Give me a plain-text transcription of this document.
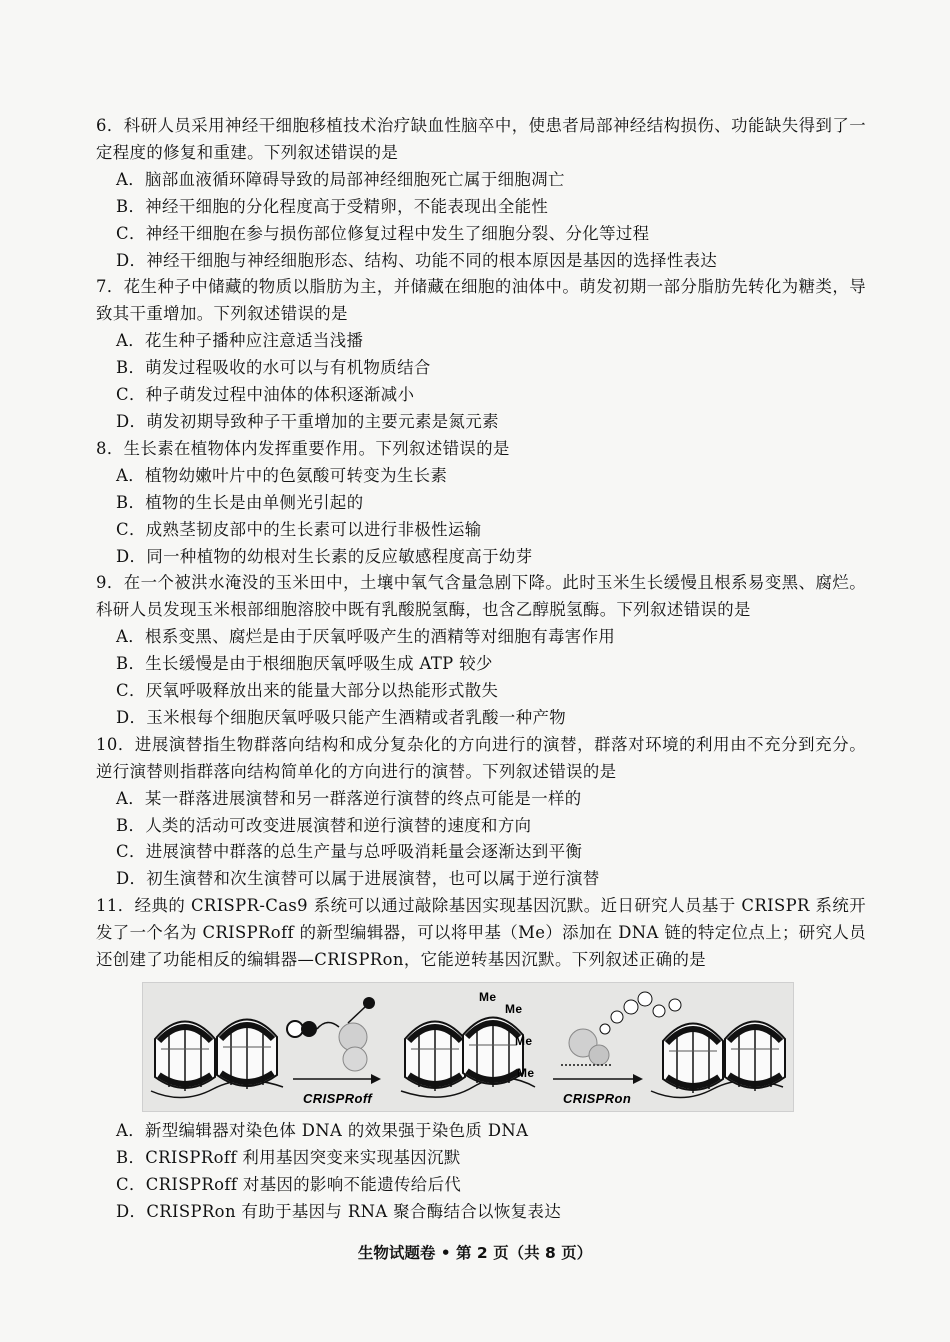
6．科研人员采用神经干细胞移植技术治疗缺血性脑卒中，使患者局部神经结构损伤、功能缺失得到了一定程度的修复和重建。下列叙述错误的是
A．脑部血液循环障碍导致的局部神经细胞死亡属于细胞凋亡
B．神经干细胞的分化程度高于受精卵，不能表现出全能性
C．神经干细胞在参与损伤部位修复过程中发生了细胞分裂、分化等过程
D．神经干细胞与神经细胞形态、结构、功能不同的根本原因是基因的选择性表达
7．花生种子中储藏的物质以脂肪为主，并储藏在细胞的油体中。萌发初期一部分脂肪先转化为糖类，导致其干重增加。下列叙述错误的是
A．花生种子播种应注意适当浅播
B．萌发过程吸收的水可以与有机物质结合
C．种子萌发过程中油体的体积逐渐减小
D．萌发初期导致种子干重增加的主要元素是氮元素
8．生长素在植物体内发挥重要作用。下列叙述错误的是
A．植物幼嫩叶片中的色氨酸可转变为生长素
B．植物的生长是由单侧光引起的
C．成熟茎韧皮部中的生长素可以进行非极性运输
D．同一种植物的幼根对生长素的反应敏感程度高于幼芽
9．在一个被洪水淹没的玉米田中，土壤中氧气含量急剧下降。此时玉米生长缓慢且根系易变黑、腐烂。科研人员发现玉米根部细胞溶胶中既有乳酸脱氢酶，也含乙醇脱氢酶。下列叙述错误的是
A．根系变黑、腐烂是由于厌氧呼吸产生的酒精等对细胞有毒害作用
B．生长缓慢是由于根细胞厌氧呼吸生成 ATP 较少
C．厌氧呼吸释放出来的能量大部分以热能形式散失
D．玉米根每个细胞厌氧呼吸只能产生酒精或者乳酸一种产物
10．进展演替指生物群落向结构和成分复杂化的方向进行的演替，群落对环境的利用由不充分到充分。逆行演替则指群落向结构简单化的方向进行的演替。下列叙述错误的是
A．某一群落进展演替和另一群落逆行演替的终点可能是一样的
B．人类的活动可改变进展演替和逆行演替的速度和方向
C．进展演替中群落的总生产量与总呼吸消耗量会逐渐达到平衡
D．初生演替和次生演替可以属于进展演替，也可以属于逆行演替
11．经典的 CRISPR-Cas9 系统可以通过敲除基因实现基因沉默。近日研究人员基于 CRISPR 系统开发了一个名为 CRISPRoff 的新型编辑器，可以将甲基（Me）添加在 DNA 链的特定位点上；研究人员还创建了功能相反的编辑器—CRISPRon，它能逆转基因沉默。下列叙述正确的是
CRISPRoff
Me
Me
Me
Me
CRISPRon
A．新型编辑器对染色体 DNA 的效果强于染色质 DNA
B．CRISPRoff 利用基因突变来实现基因沉默
C．CRISPRoff 对基因的影响不能遗传给后代
D．CRISPRon 有助于基因与 RNA 聚合酶结合以恢复表达
生物试题卷 • 第 2 页（共 8 页）
